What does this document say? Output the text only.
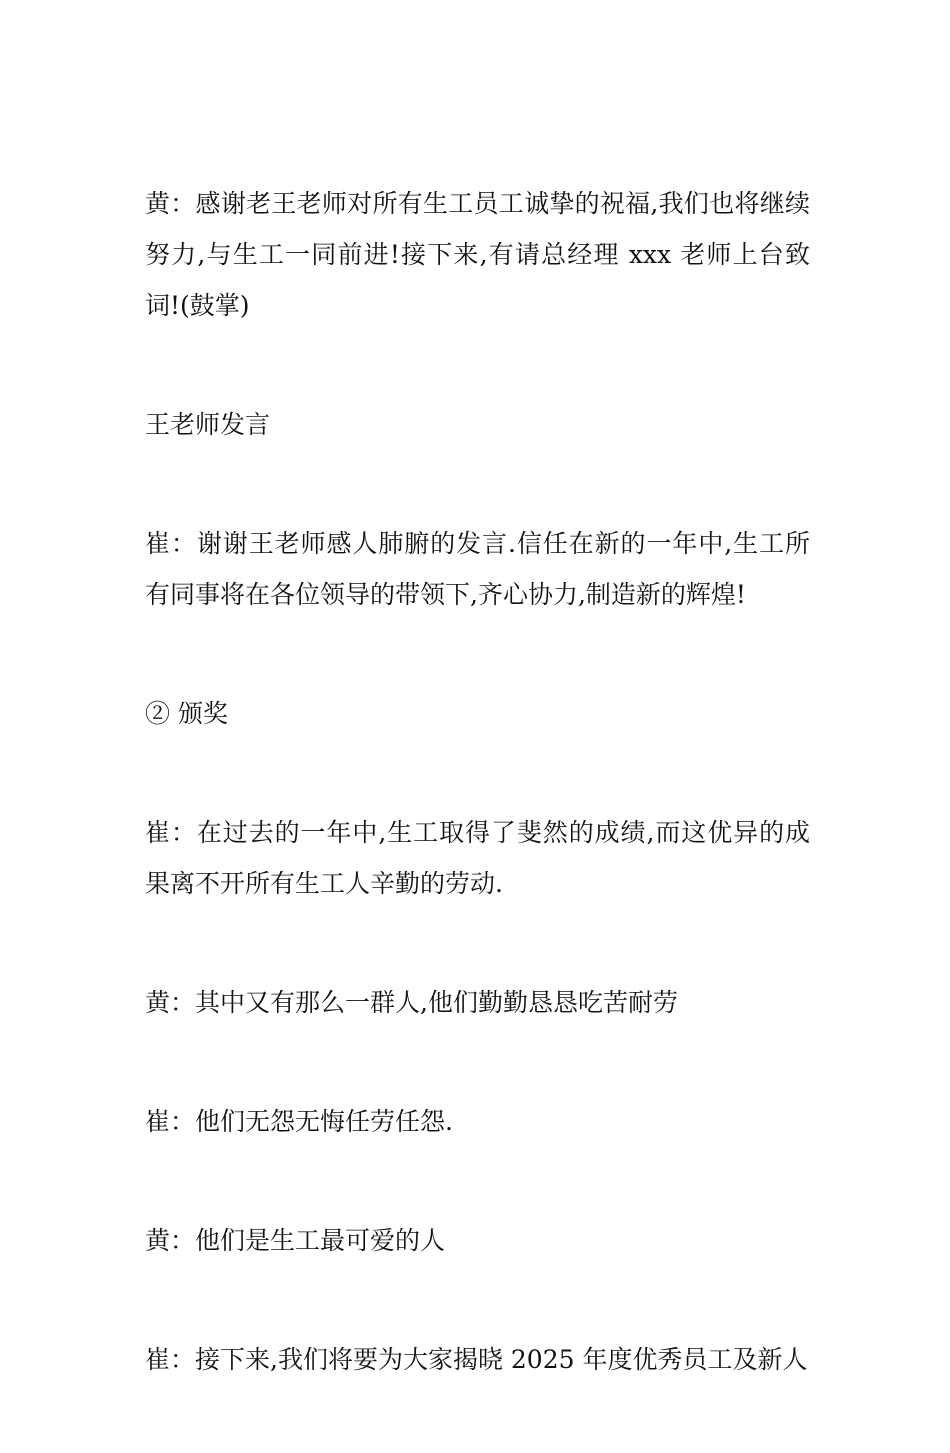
黄：感谢老王老师对所有生工员工诚挚的祝福,我们也将继续努力,与生工一同前进!接下来,有请总经理 xxx 老师上台致词!(鼓掌)

王老师发言

崔：谢谢王老师感人肺腑的发言.信任在新的一年中,生工所有同事将在各位领导的带领下,齐心协力,制造新的辉煌!

② 颁奖

崔：在过去的一年中,生工取得了斐然的成绩,而这优异的成果离不开所有生工人辛勤的劳动.

黄：其中又有那么一群人,他们勤勤恳恳吃苦耐劳

崔：他们无怨无悔任劳任怨.

黄：他们是生工最可爱的人

崔：接下来,我们将要为大家揭晓 2025 年度优秀员工及新人
